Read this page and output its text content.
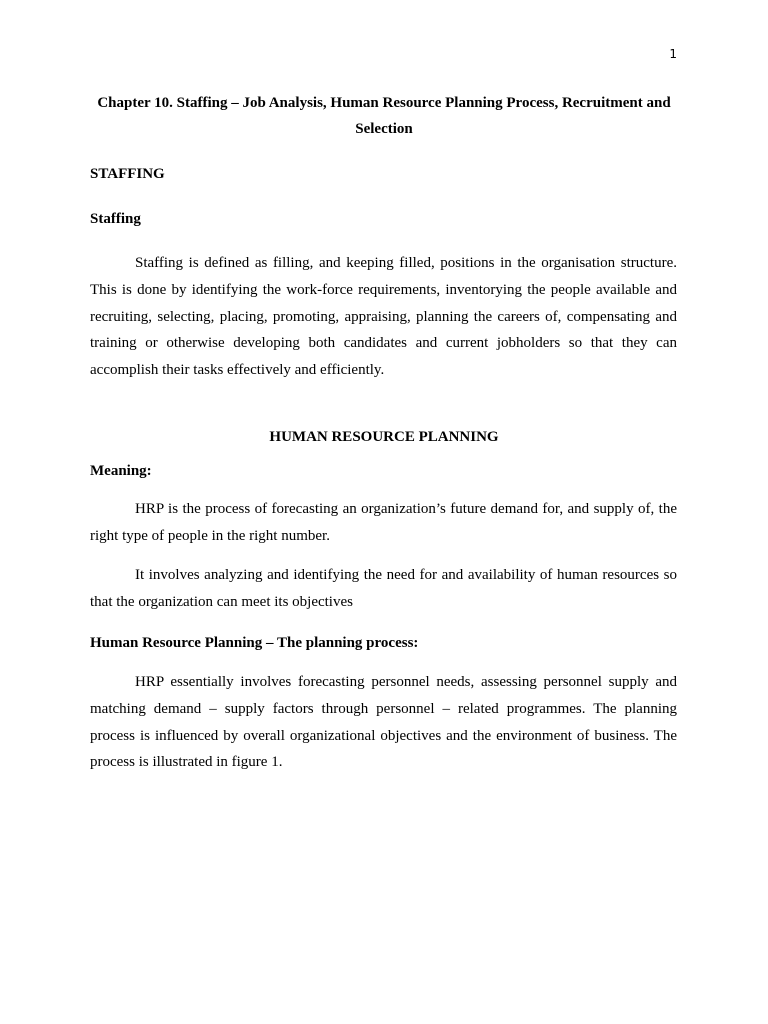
1
Chapter 10. Staffing – Job Analysis, Human Resource Planning Process, Recruitment and Selection
STAFFING
Staffing

Staffing is defined as filling, and keeping filled, positions in the organisation structure. This is done by identifying the work-force requirements, inventorying the people available and recruiting, selecting, placing, promoting, appraising, planning the careers of, compensating and training or otherwise developing both candidates and current jobholders so that they can accomplish their tasks effectively and efficiently.

HUMAN RESOURCE PLANNING
Meaning:

HRP is the process of forecasting an organization’s future demand for, and supply of, the right type of people in the right number.

It involves analyzing and identifying the need for and availability of human resources so that the organization can meet its objectives

Human Resource Planning – The planning process:

HRP essentially involves forecasting personnel needs, assessing personnel supply and matching demand – supply factors through personnel – related programmes. The planning process is influenced by overall organizational objectives and the environment of business. The process is illustrated in figure 1.
